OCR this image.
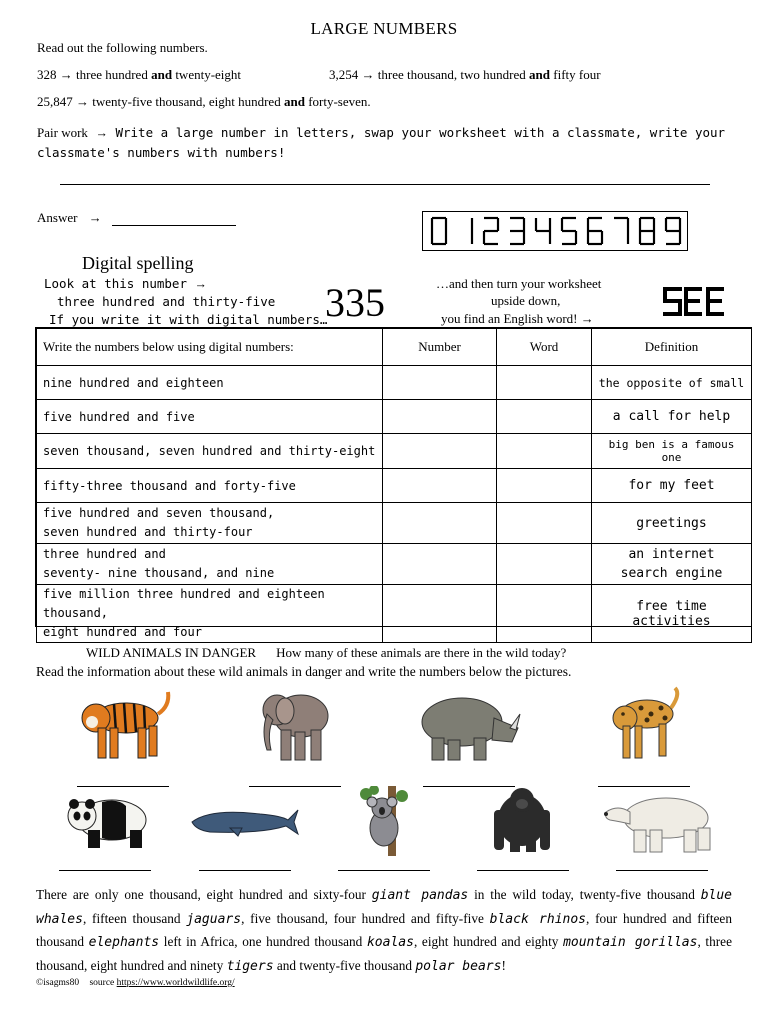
LARGE NUMBERS
Read out the following numbers.
328 → three hundred and twenty-eight	3,254 → three thousand, two hundred and fifty four
25,847 → twenty-five thousand, eight hundred and forty-seven.
Pair work → Write a large number in letters, swap your worksheet with a classmate, write your
classmate's numbers with numbers!
Answer →
Digital spelling
Look at this number →
three hundred and thirty-five
If you write it with digital numbers…
335	…and then turn your worksheet
upside down,
you find an English word! →
Write the numbers below using digital numbers:	Number	Word	Definition
nine hundred and eighteen			the opposite of small
five hundred and five			a call for help
seven thousand, seven hundred and thirty-eight			big ben is a famous one
fifty-three thousand and forty-five			for my feet
five hundred and seven thousand,
seven hundred and thirty-four			greetings
three hundred and
seventy- nine thousand, and nine			an internet
search engine
five million three hundred and eighteen thousand,
eight hundred and four			free time activities
WILD ANIMALS IN DANGER How many of these animals are there in the wild today?
Read the information about these wild animals in danger and write the numbers below the pictures.
There are only one thousand, eight hundred and sixty-four giant pandas in the wild today, twenty-five thousand blue whales, fifteen thousand jaguars, five thousand, four hundred and fifty-five black rhinos, four hundred and fifteen thousand elephants left in Africa, one hundred thousand koalas, eight hundred and eighty mountain gorillas, three thousand, eight hundred and ninety tigers and twenty-five thousand polar bears!
©isagms80 source https://www.worldwildlife.org/
